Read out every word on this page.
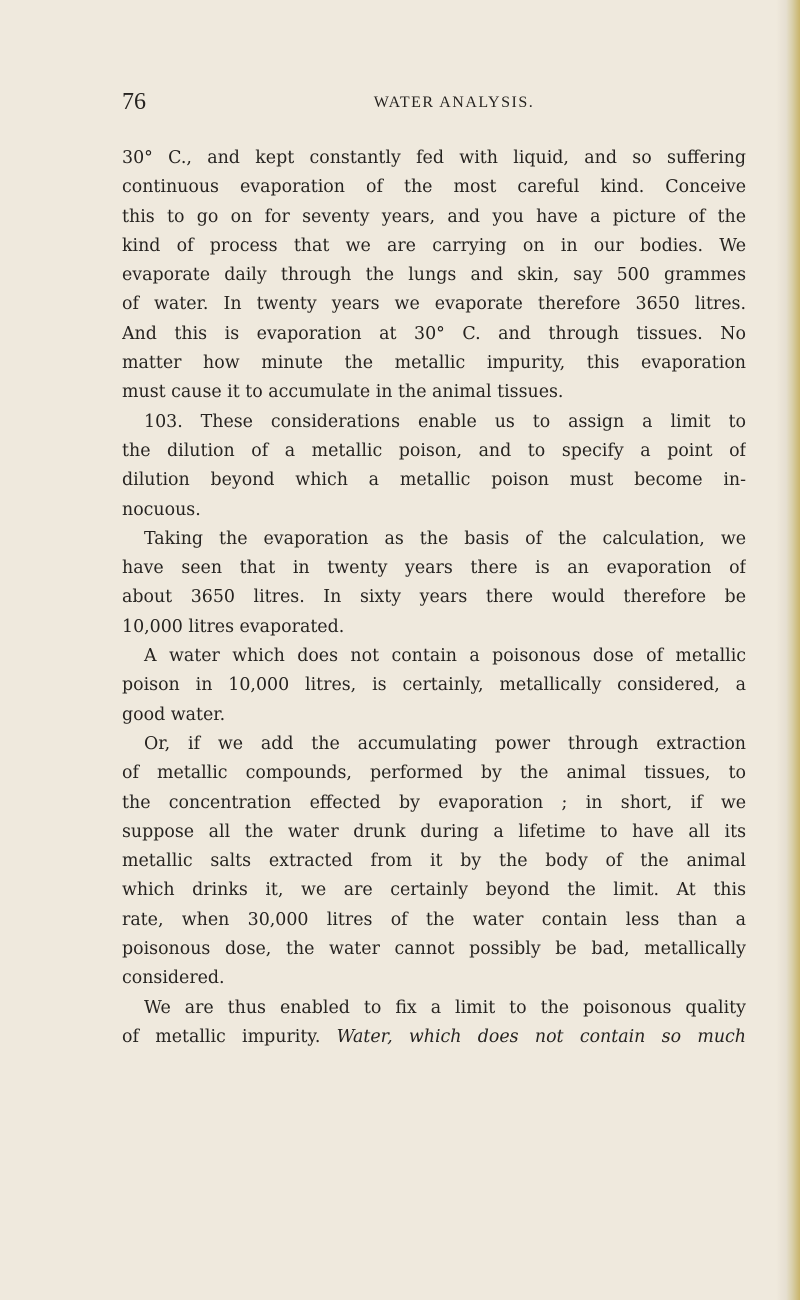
76	WATER ANALYSIS.
30° C., and kept constantly fed with liquid, and so suffering
continuous evaporation of the most careful kind. Conceive
this to go on for seventy years, and you have a picture of the
kind of process that we are carrying on in our bodies. We
evaporate daily through the lungs and skin, say 500 grammes
of water. In twenty years we evaporate therefore 3650 litres.
And this is evaporation at 30° C. and through tissues. No
matter how minute the metallic impurity, this evaporation
must cause it to accumulate in the animal tissues.
103. These considerations enable us to assign a limit to
the dilution of a metallic poison, and to specify a point of
dilution beyond which a metallic poison must become in-
nocuous.
Taking the evaporation as the basis of the calculation, we
have seen that in twenty years there is an evaporation of
about 3650 litres. In sixty years there would therefore be
10,000 litres evaporated.
A water which does not contain a poisonous dose of metallic
poison in 10,000 litres, is certainly, metallically considered, a
good water.
Or, if we add the accumulating power through extraction
of metallic compounds, performed by the animal tissues, to
the concentration effected by evaporation ; in short, if we
suppose all the water drunk during a lifetime to have all its
metallic salts extracted from it by the body of the animal
which drinks it, we are certainly beyond the limit. At this
rate, when 30,000 litres of the water contain less than a
poisonous dose, the water cannot possibly be bad, metallically
considered.
We are thus enabled to fix a limit to the poisonous quality
of metallic impurity. Water, which does not contain so much
